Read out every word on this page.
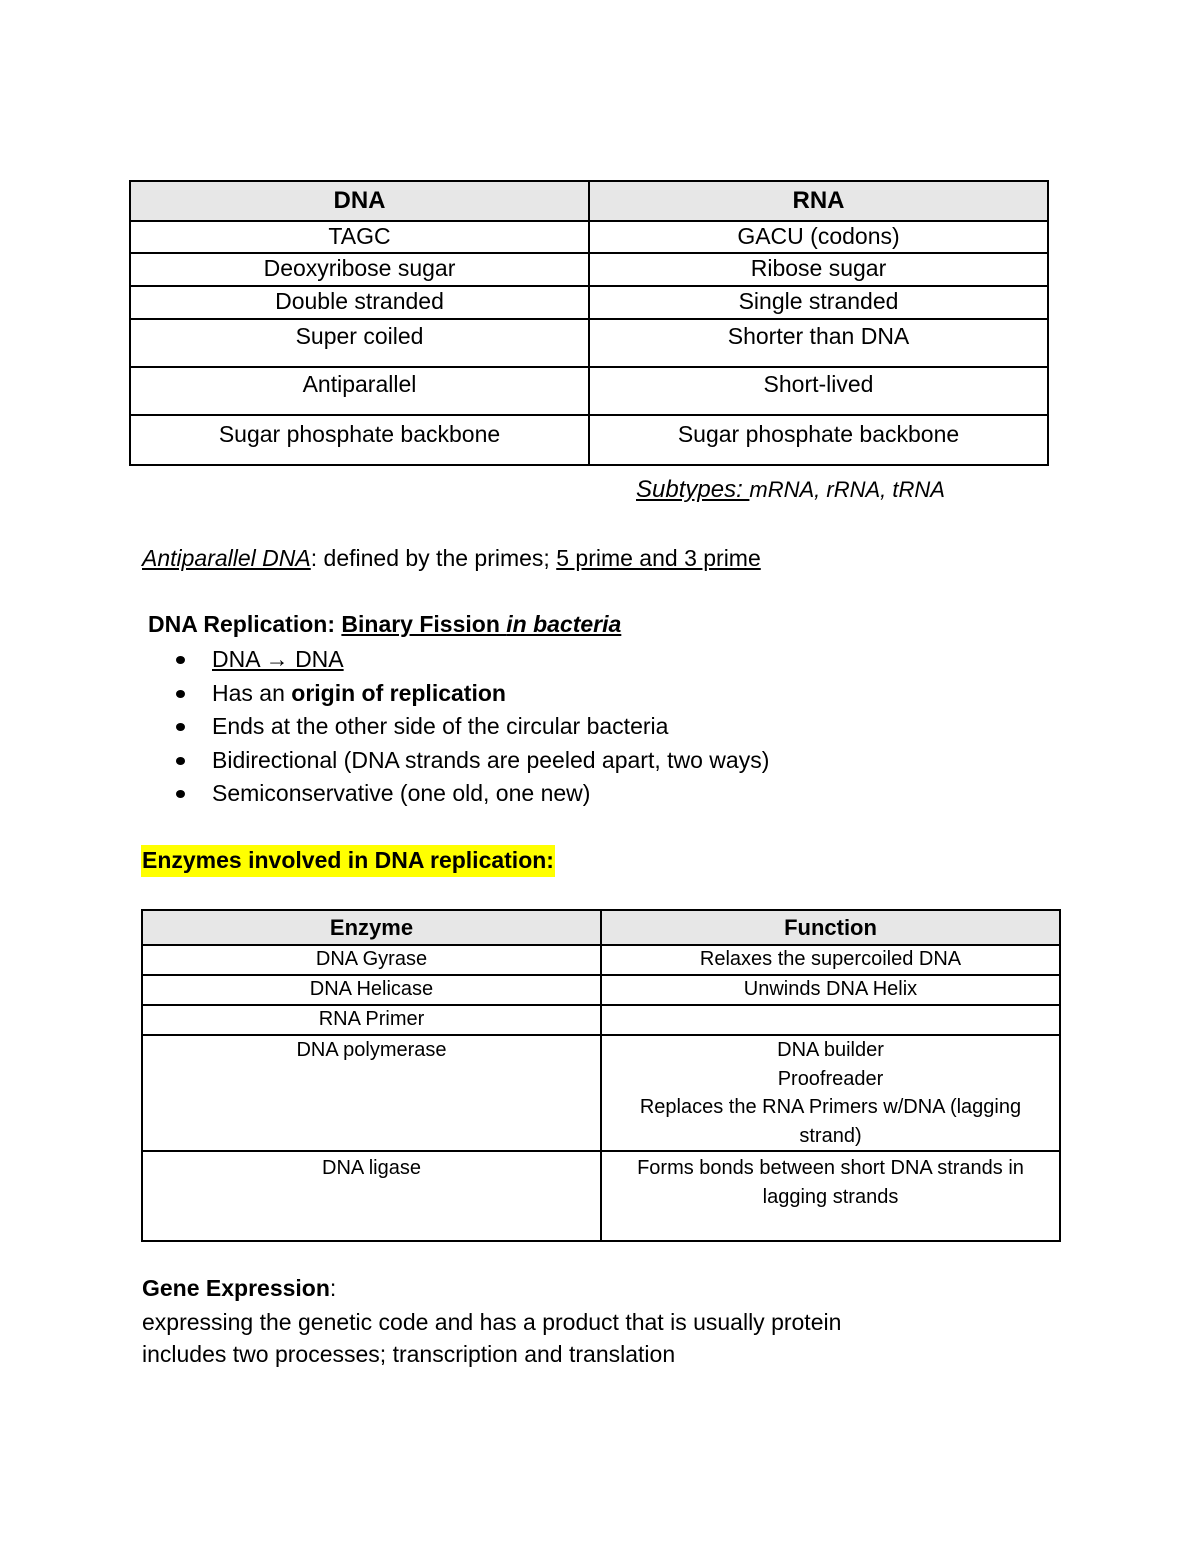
DNA	RNA
TAGC	GACU (codons)
Deoxyribose sugar	Ribose sugar
Double stranded	Single stranded
Super coiled	Shorter than DNA
Antiparallel	Short-lived
Sugar phosphate backbone	Sugar phosphate backbone
Subtypes: mRNA, rRNA, tRNA
Antiparallel DNA: defined by the primes; 5 prime and 3 prime
DNA Replication: Binary Fission in bacteria
DNA → DNA
Has an origin of replication
Ends at the other side of the circular bacteria
Bidirectional (DNA strands are peeled apart, two ways)
Semiconservative (one old, one new)
Enzymes involved in DNA replication:
Enzyme	Function
DNA Gyrase	Relaxes the supercoiled DNA

DNA Helicase	Unwinds DNA Helix

RNA Primer	

DNA polymerase	DNA builder
Proofreader
Replaces the RNA Primers w/DNA (lagging
strand)

DNA ligase	Forms bonds between short DNA strands in
lagging strands
Gene Expression:
expressing the genetic code and has a product that is usually protein
includes two processes; transcription and translation
